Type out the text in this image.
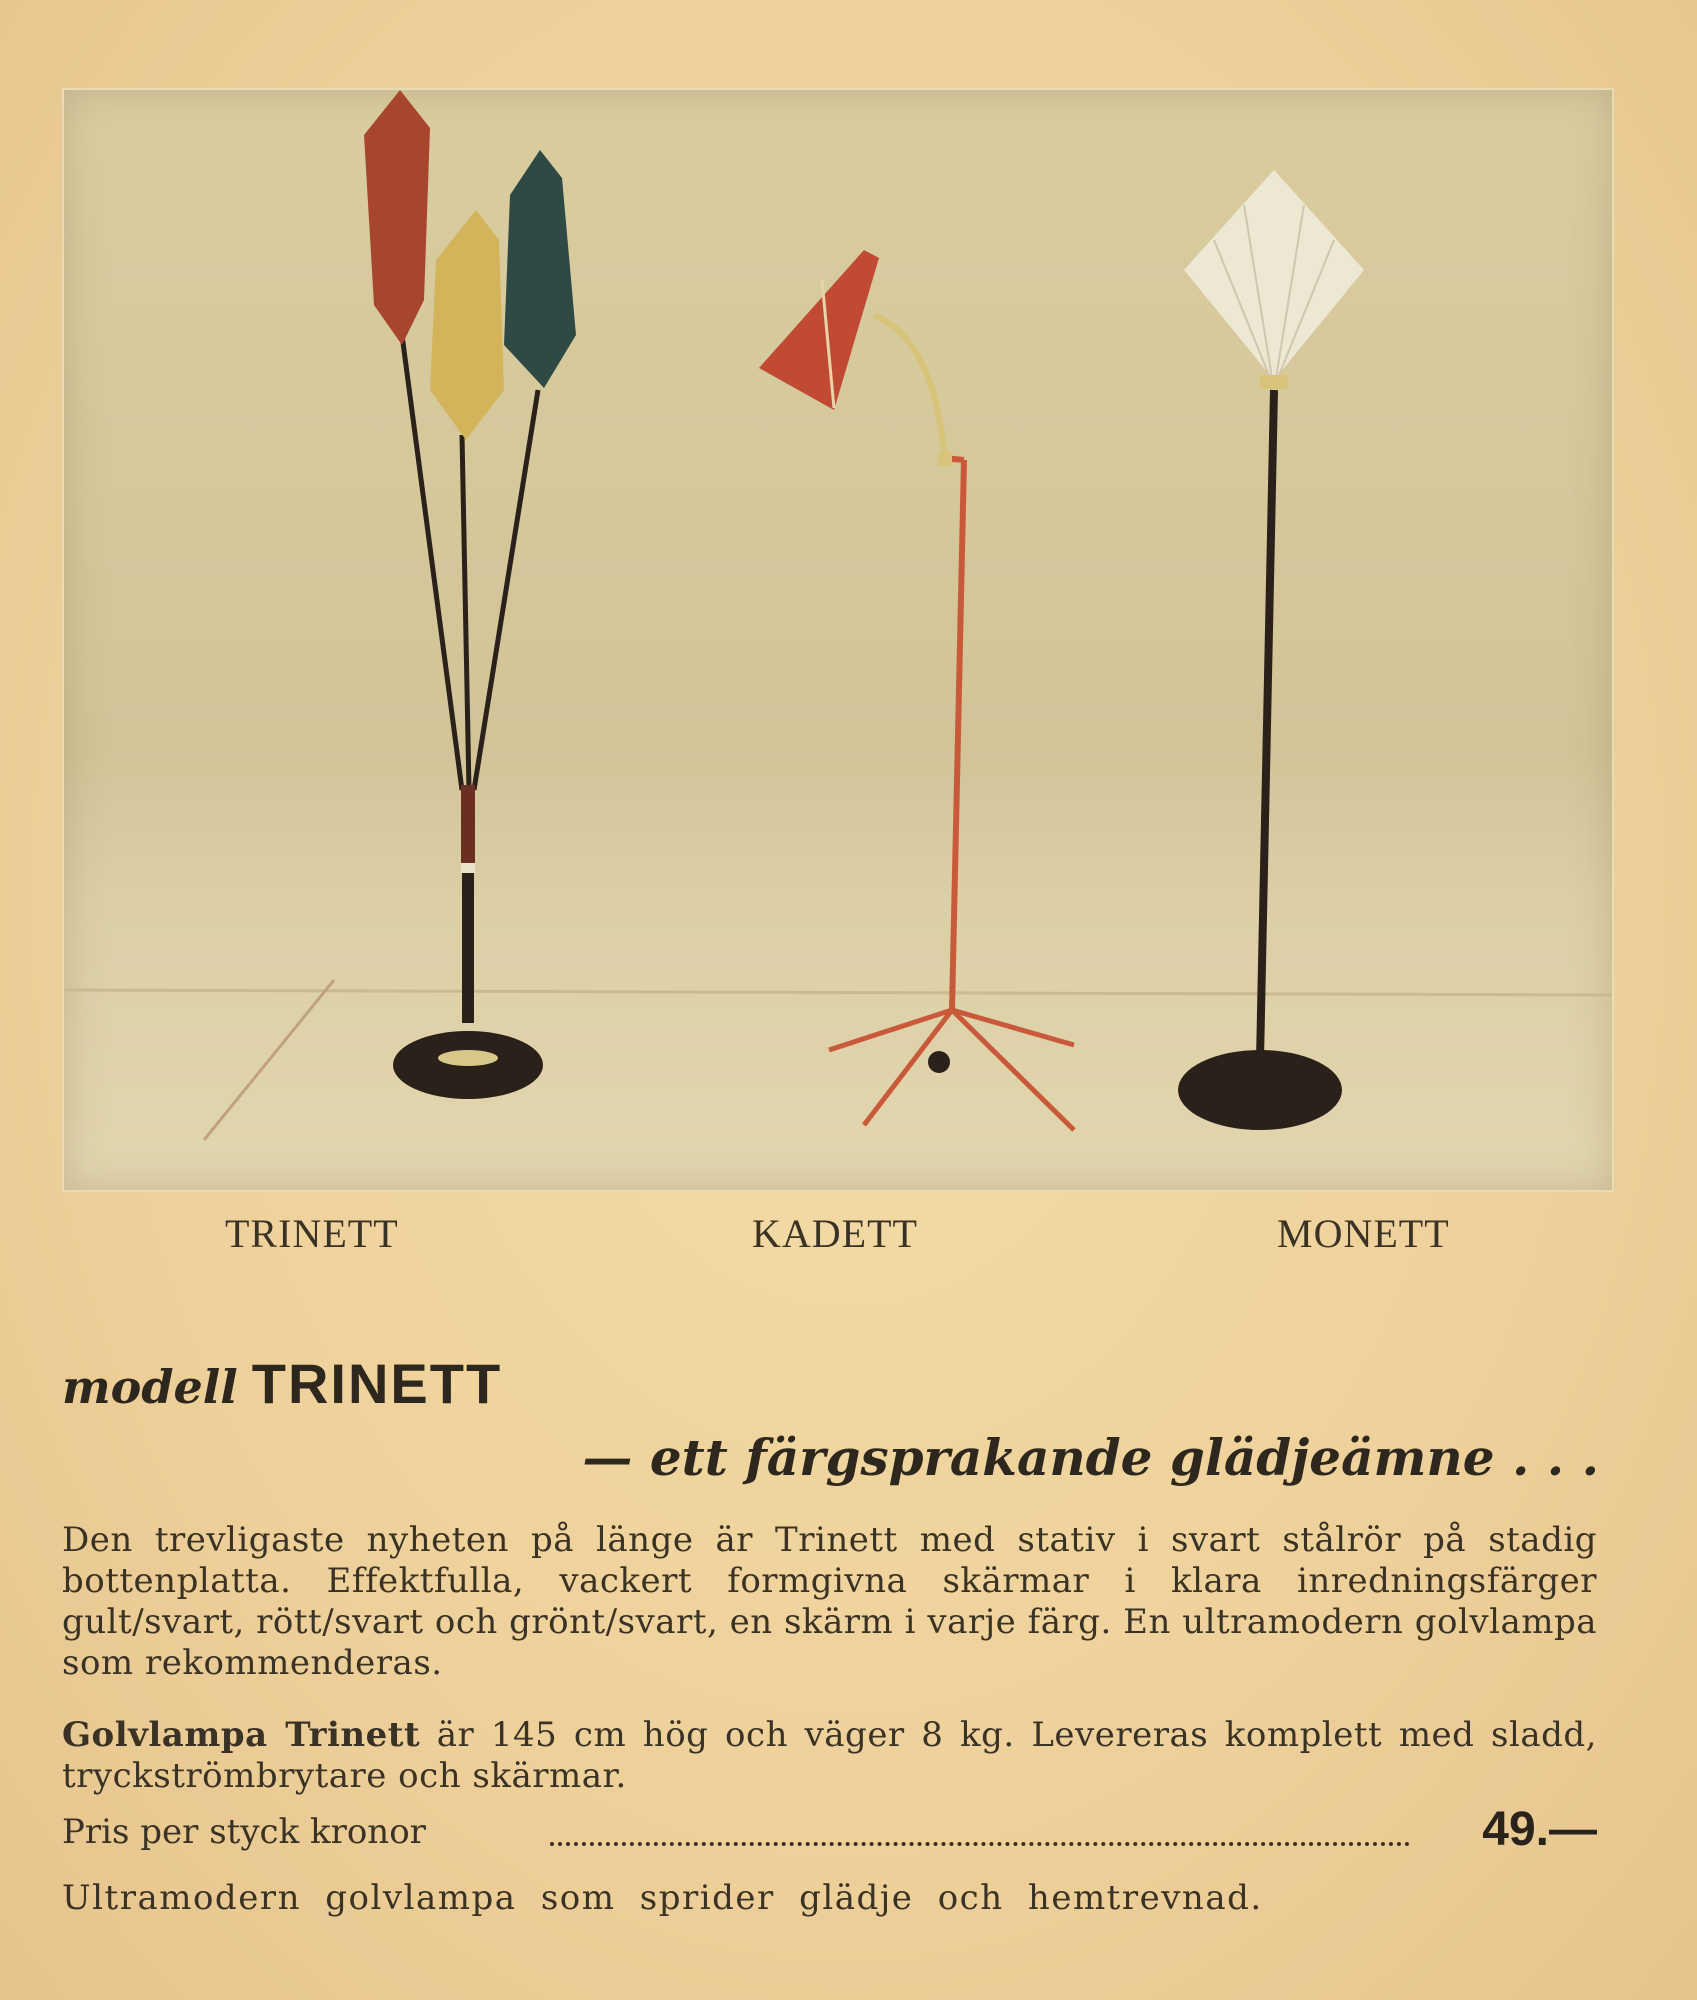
TRINETT	KADETT	MONETT
modell TRINETT
— ett färgsprakande glädjeämne . . .
Den trevligaste nyheten på länge är Trinett med stativ i svart stålrör på stadig bottenplatta. Effektfulla, vackert formgivna skärmar i klara inredningsfärger gult/svart, rött/svart och grönt/svart, en skärm i varje färg. En ultramodern golvlampa som rekommenderas.
Golvlampa Trinett är 145 cm hög och väger 8 kg. Levereras komplett med sladd, tryckströmbrytare och skärmar.
Pris per styck kronor	49.—
Ultramodern golvlampa som sprider glädje och hemtrevnad.
